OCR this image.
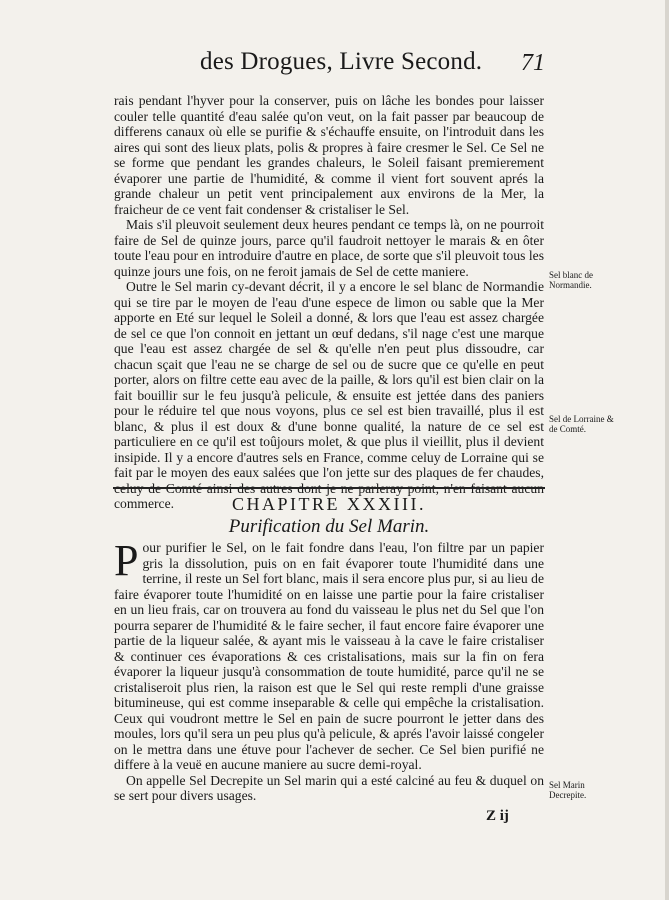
des Drogues, Livre Second. 71

rais pendant l'hyver pour la conserver, puis on lâche les bondes pour laisser couler telle quantité d'eau salée qu'on veut, on la fait passer par beaucoup de differens canaux où elle se purifie & s'échauffe ensuite, on l'introduit dans les aires qui sont des lieux plats, polis & propres à faire cresmer le Sel. Ce Sel ne se forme que pendant les grandes chaleurs, le Soleil faisant premierement évaporer une partie de l'humidité, & comme il vient fort souvent aprés la grande chaleur un petit vent principalement aux environs de la Mer, la fraicheur de ce vent fait condenser & cristaliser le Sel.

Mais s'il pleuvoit seulement deux heures pendant ce temps là, on ne pourroit faire de Sel de quinze jours, parce qu'il faudroit nettoyer le marais & en ôter toute l'eau pour en introduire d'autre en place, de sorte que s'il pleuvoit tous les quinze jours une fois, on ne feroit jamais de Sel de cette maniere.

Outre le Sel marin cy-devant décrit, il y a encore le sel blanc de Normandie qui se tire par le moyen de l'eau d'une espece de limon ou sable que la Mer apporte en Eté sur lequel le Soleil a donné, & lors que l'eau est assez chargée de sel ce que l'on connoit en jettant un œuf dedans, s'il nage c'est une marque que l'eau est assez chargée de sel & qu'elle n'en peut plus dissoudre, car chacun sçait que l'eau ne se charge de sel ou de sucre que ce qu'elle en peut porter, alors on filtre cette eau avec de la paille, & lors qu'il est bien clair on la fait bouillir sur le feu jusqu'à pelicule, & ensuite est jettée dans des paniers pour le réduire tel que nous voyons, plus ce sel est bien travaillé, plus il est blanc, & plus il est doux & d'une bonne qualité, la nature de ce sel est particuliere en ce qu'il est toûjours molet, & que plus il vieillit, plus il devient insipide. Il y a encore d'autres sels en France, comme celuy de Lorraine qui se fait par le moyen des eaux salées que l'on jette sur des plaques de fer chaudes, commerce.

Sel blanc de Normandie.
Sel de Lorraine & de Comté.
CHAPITRE XXXIII.
Purification du Sel Marin.
P our purifier le Sel, on le fait fondre dans l'eau, l'on filtre par un papier gris la dissolution, puis on en fait évaporer toute l'humidité dans une terrine, il reste un Sel fort blanc, mais il sera encore plus pur, si au lieu de faire évaporer toute l'humidité on en laisse une partie pour la faire cristaliser en un lieu frais, car on trouvera au fond du vaisseau le plus net du Sel que l'on pourra separer de l'humidité & le faire secher, il faut encore faire évaporer une partie de la liqueur salée, & ayant mis le vaisseau à la cave le faire cristaliser & continuer ces évaporations & ces cristalisations, mais sur la fin on fera évaporer la liqueur jusqu'à consommation de toute humidité, parce qu'il ne se cristaliseroit plus rien, la raison est que le Sel qui reste rempli d'une graisse bitumineuse, qui est comme inseparable & celle qui empêche la cristalisation. Ceux qui voudront mettre le Sel en pain de sucre pourront le jetter dans des moules, lors qu'il sera un peu plus qu'à pelicule, & aprés l'avoir laissé congeler on le mettra dans une étuve pour l'achever de secher. Ce Sel bien purifié ne differe à la veuë en aucune maniere au sucre demi-royal.

On appelle Sel Decrepite un Sel marin qui a esté calciné au feu & duquel on se sert pour divers usages.

Sel Marin Decrepite.
Z ij
